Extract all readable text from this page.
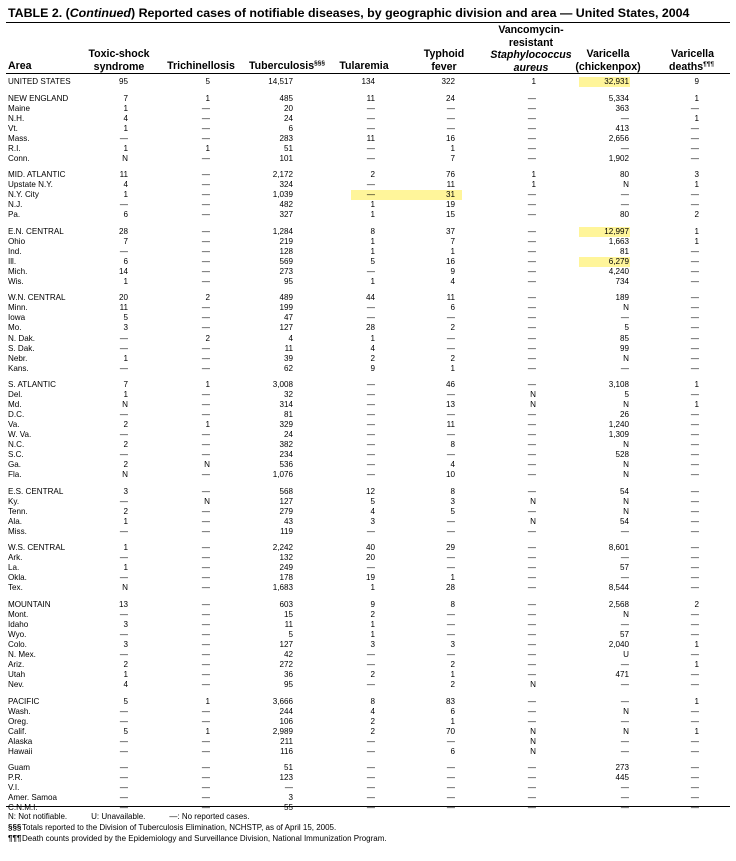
TABLE 2. (Continued) Reported cases of notifiable diseases, by geographic division and area — United States, 2004
Area
Toxic-shock
syndrome	Trichinellosis	Tuberculosis§§§	Tularemia
Typhoid
fever
Vancomycin-
resistant
Staphylococcus
aureus
Varicella
(chickenpox)
Varicella
deaths¶¶¶
UNITED STATES	95	5	14,517	134	322	1	32,931	9
NEW ENGLAND	7	1	485	11	24	—	5,334	1
Maine	1	—	20	—	—	—	363	—
N.H.	4	—	24	—	—	—	—	1
Vt.	1	—	6	—	—	—	413	—
Mass.	—	—	283	11	16	—	2,656	—
R.I.	1	1	51	—	1	—	—	—
Conn.	N	—	101	—	7	—	1,902	—
MID. ATLANTIC	11	—	2,172	2	76	1	80	3
Upstate N.Y.	4	—	324	—	11	1	N	1
N.Y. City	1	—	1,039	—	31	—	—	—
N.J.	—	—	482	1	19	—	—	—
Pa.	6	—	327	1	15	—	80	2
E.N. CENTRAL	28	—	1,284	8	37	—	12,997	1
Ohio	7	—	219	1	7	—	1,663	1
Ind.	—	—	128	1	1	—	81	—
Ill.	6	—	569	5	16	—	6,279	—
Mich.	14	—	273	—	9	—	4,240	—
Wis.	1	—	95	1	4	—	734	—
W.N. CENTRAL	20	2	489	44	11	—	189	—
Minn.	11	—	199	—	6	—	N	—
Iowa	5	—	47	—	—	—	—	—
Mo.	3	—	127	28	2	—	5	—
N. Dak.	—	2	4	1	—	—	85	—
S. Dak.	—	—	11	4	—	—	99	—
Nebr.	1	—	39	2	2	—	N	—
Kans.	—	—	62	9	1	—	—	—
S. ATLANTIC	7	1	3,008	—	46	—	3,108	1
Del.	1	—	32	—	—	N	5	—
Md.	N	—	314	—	13	N	N	1
D.C.	—	—	81	—	—	—	26	—
Va.	2	1	329	—	11	—	1,240	—
W. Va.	—	—	24	—	—	—	1,309	—
N.C.	2	—	382	—	8	—	N	—
S.C.	—	—	234	—	—	—	528	—
Ga.	2	N	536	—	4	—	N	—
Fla.	N	—	1,076	—	10	—	N	—
E.S. CENTRAL	3	—	568	12	8	—	54	—
Ky.	—	N	127	5	3	N	N	—
Tenn.	2	—	279	4	5	—	N	—
Ala.	1	—	43	3	—	N	54	—
Miss.	—	—	119	—	—	—	—	—
W.S. CENTRAL	1	—	2,242	40	29	—	8,601	—
Ark.	—	—	132	20	—	—	—	—
La.	1	—	249	—	—	—	57	—
Okla.	—	—	178	19	1	—	—	—
Tex.	N	—	1,683	1	28	—	8,544	—
MOUNTAIN	13	—	603	9	8	—	2,568	2
Mont.	—	—	15	2	—	—	N	—
Idaho	3	—	11	1	—	—	—	—
Wyo.	—	—	5	1	—	—	57	—
Colo.	3	—	127	3	3	—	2,040	1
N. Mex.	—	—	42	—	—	—	U	—
Ariz.	2	—	272	—	2	—	—	1
Utah	1	—	36	2	1	—	471	—
Nev.	4	—	95	—	2	N	—	—
PACIFIC	5	1	3,666	8	83	—	—	1
Wash.	—	—	244	4	6	—	N	—
Oreg.	—	—	106	2	1	—	—	—
Calif.	5	1	2,989	2	70	N	N	1
Alaska	—	—	211	—	—	N	—	—
Hawaii	—	—	116	—	6	N	—	—
Guam	—	—	51	—	—	—	273	—
P.R.	—	—	123	—	—	—	445	—
V.I.	—	—	—	—	—	—	—	—
Amer. Samoa	—	—	3	—	—	—	—	—
C.N.M.I.	—	—	55	—	—	—	—	—
N: Not notifiable.	U: Unavailable.	—: No reported cases.
§§§Totals reported to the Division of Tuberculosis Elimination, NCHSTP, as of April 15, 2005.
¶¶¶Death counts provided by the Epidemiology and Surveillance Division, National Immunization Program.
